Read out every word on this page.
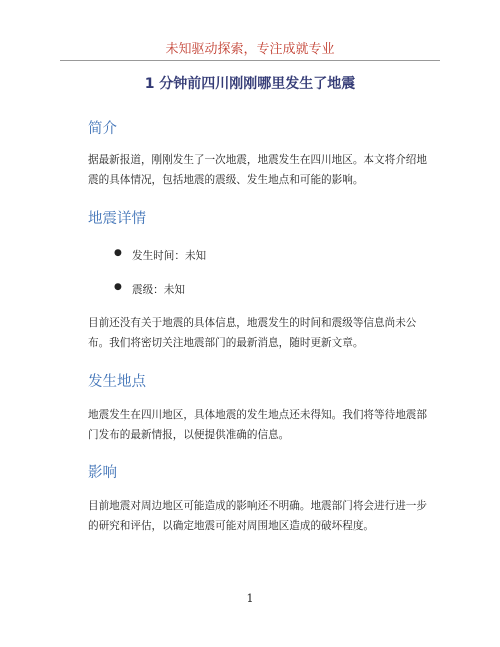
未知驱动探索，专注成就专业
1 分钟前四川刚刚哪里发生了地震
简介
据最新报道，刚刚发生了一次地震，地震发生在四川地区。本文将介绍地震的具体情况，包括地震的震级、发生地点和可能的影响。
地震详情
● 发生时间：未知
● 震级：未知
目前还没有关于地震的具体信息，地震发生的时间和震级等信息尚未公布。我们将密切关注地震部门的最新消息，随时更新文章。
发生地点
地震发生在四川地区，具体地震的发生地点还未得知。我们将等待地震部门发布的最新情报，以便提供准确的信息。
影响
目前地震对周边地区可能造成的影响还不明确。地震部门将会进行进一步的研究和评估，以确定地震可能对周围地区造成的破坏程度。
1
